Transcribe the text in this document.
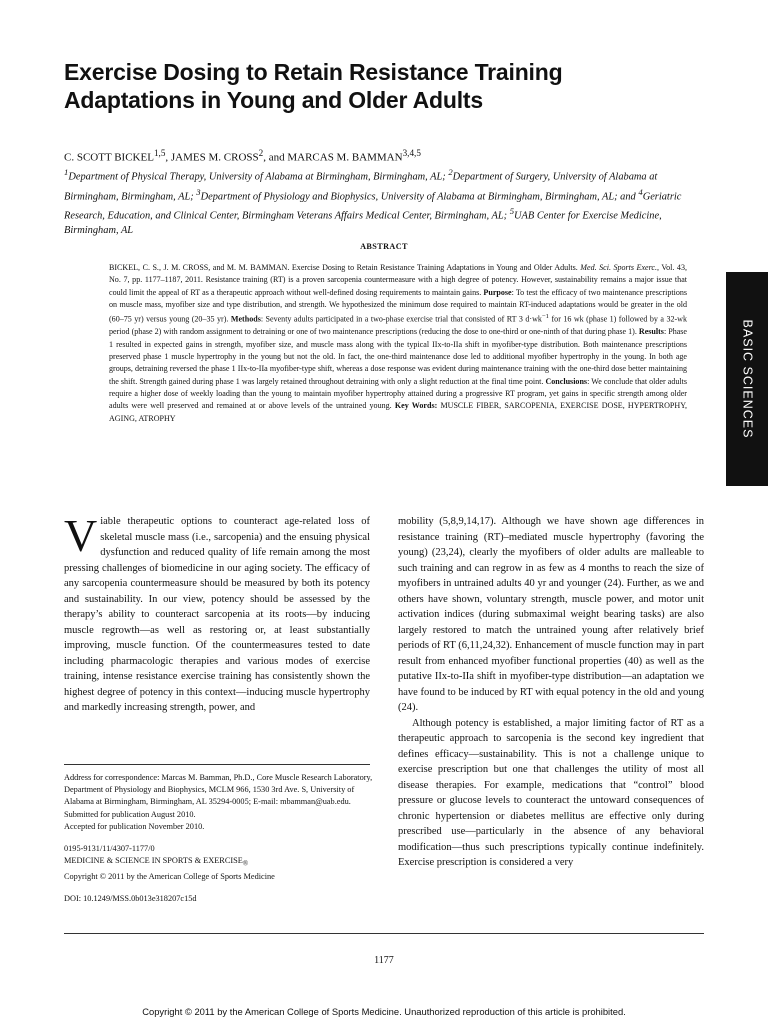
Exercise Dosing to Retain Resistance Training
Adaptations in Young and Older Adults

C. SCOTT BICKEL$^{1,5}$, JAMES M. CROSS$^2$, and MARCAS M. BAMMAN$^{3,4,5}$

$^1$Department of Physical Therapy, University of Alabama at Birmingham, Birmingham, AL; $^2$Department of Surgery, University of Alabama at Birmingham, Birmingham, AL; $^3$Department of Physiology and Biophysics, University of Alabama at Birmingham, Birmingham, AL; and $^4$Geriatric Research, Education, and Clinical Center, Birmingham Veterans Affairs Medical Center, Birmingham, AL; $^5$UAB Center for Exercise Medicine, Birmingham, AL

ABSTRACT

BICKEL, C. S., J. M. CROSS, and M. M. BAMMAN. Exercise Dosing to Retain Resistance Training Adaptations in Young and Older Adults. Med. Sci. Sports Exerc., Vol. 43, No. 7, pp. 1177–1187, 2011. Resistance training (RT) is a proven sarcopenia countermeasure with a high degree of potency. However, sustainability remains a major issue that could limit the appeal of RT as a therapeutic approach without well-defined dosing requirements to maintain gains. Purpose: To test the efficacy of two maintenance prescriptions on muscle mass, myofiber size and type distribution, and strength. We hypothesized the minimum dose required to maintain RT-induced adaptations would be greater in the old (60–75 yr) versus young (20–35 yr). Methods: Seventy adults participated in a two-phase exercise trial that consisted of RT 3 $d\cdot wk^{-1}$ for 16 wk (phase 1) followed by a 32-wk period (phase 2) with random assignment to detraining or one of two maintenance prescriptions (reducing the dose to one-third or one-ninth of that during phase 1). Results: Phase 1 resulted in expected gains in strength, myofiber size, and muscle mass along with the typical IIx-to-IIa shift in myofiber-type distribution. Both maintenance prescriptions preserved phase 1 muscle hypertrophy in the young but not the old. In fact, the one-third maintenance dose led to additional myofiber hypertrophy in the young. In both age groups, detraining reversed the phase 1 IIx-to-IIa myofiber-type shift, whereas a dose response was evident during maintenance training with the one-third dose better maintaining the shift. Strength gained during phase 1 was largely retained throughout detraining with only a slight reduction at the final time point. Conclusions: We conclude that older adults require a higher dose of weekly loading than the young to maintain myofiber hypertrophy attained during a progressive RT program, yet gains in specific strength among older adults were well preserved and remained at or above levels of the untrained young. Key Words: MUSCLE FIBER, SARCOPENIA, EXERCISE DOSE, HYPERTROPHY, AGING, ATROPHY	BASIC SCIENCES

Viable therapeutic options to counteract age-related loss of skeletal muscle mass (i.e., sarcopenia) and the ensuing physical dysfunction and reduced quality of life remain among the most pressing challenges of biomedicine in our aging society. The efficacy of any sarcopenia countermeasure should be measured by both its potency and sustainability. In our view, potency should be assessed by the therapy’s ability to counteract sarcopenia at its roots—by inducing muscle regrowth—as well as restoring or, at least substantially improving, muscle function. Of the countermeasures tested to date including pharmacologic therapies and various modes of exercise training, intense resistance exercise training has consistently shown the highest degree of potency in this context—inducing muscle hypertrophy and markedly increasing strength, power, and

Address for correspondence: Marcas M. Bamman, Ph.D., Core Muscle Research Laboratory, Department of Physiology and Biophysics, MCLM 966, 1530 3rd Ave. S, University of Alabama at Birmingham, Birmingham, AL 35294-0005; E-mail: mbamman@uab.edu.

Submitted for publication August 2010.

Accepted for publication November 2010.

0195-9131/11/4307-1177/0

MEDICINE & SCIENCE IN SPORTS & $EXERCISE_®$

Copyright © 2011 by the American College of Sports Medicine

DOI: 10.1249/MSS.0b013e318207c15d

mobility (5,8,9,14,17). Although we have shown age differences in resistance training (RT)–mediated muscle hypertrophy (favoring the young) (23,24), clearly the myofibers of older adults are malleable to such training and can regrow in as few as 4 months to reach the size of myofibers in untrained adults 40 yr and younger (24). Further, as we and others have shown, voluntary strength, muscle power, and motor unit activation indices (during submaximal weight bearing tasks) are also largely restored to match the untrained young after relatively brief periods of RT (6,11,24,32). Enhancement of muscle function may in part result from enhanced myofiber functional properties (40) as well as the putative IIx-to-IIa shift in myofiber-type distribution—an adaptation we have found to be induced by RT with equal potency in the old and young (24).

Although potency is established, a major limiting factor of RT as a therapeutic approach to sarcopenia is the second key ingredient that defines efficacy—sustainability. This is not a challenge unique to exercise prescription but one that challenges the utility of most all disease therapies. For example, medications that “control” blood pressure or glucose levels to counteract the untoward consequences of chronic hypertension or diabetes mellitus are effective only during prescribed use—particularly in the absence of any behavioral modification—thus such prescriptions typically continue indefinitely. Exercise prescription is considered a very

1177

Copyright © 2011 by the American College of Sports Medicine. Unauthorized reproduction of this article is prohibited.
